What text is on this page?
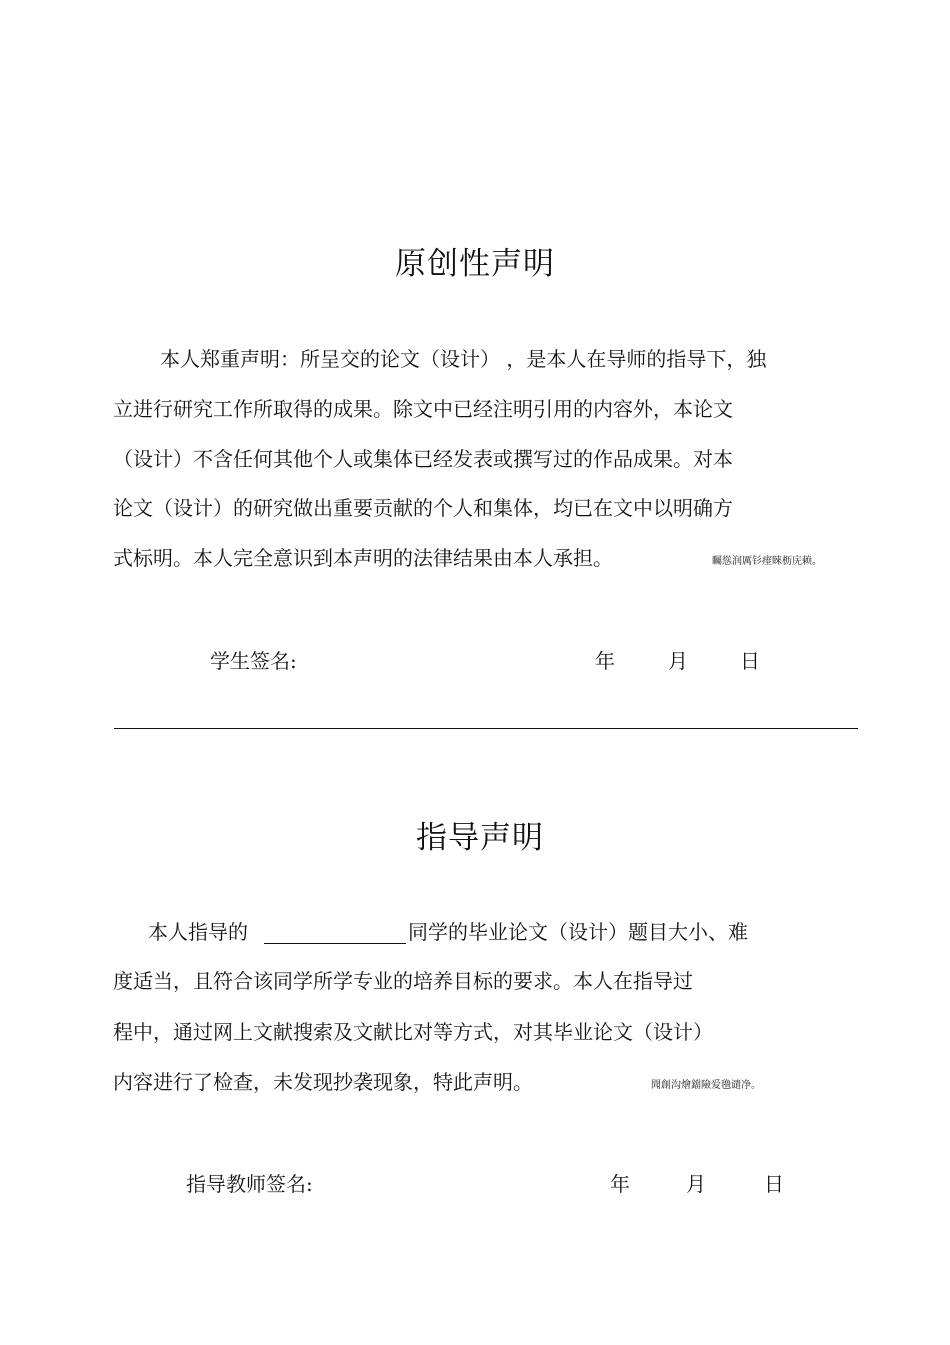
原创性声明
本人郑重声明：所呈交的论文（设计） ，是本人在导师的指导下，独
立进行研究工作所取得的成果。除文中已经注明引用的内容外，本论文
（设计）不含任何其他个人或集体已经发表或撰写过的作品成果。对本
论文（设计）的研究做出重要贡献的个人和集体，均已在文中以明确方
式标明。本人完全意识到本声明的法律结果由本人承担。	矚慫润厲钐瘗睞枥庑赖。
学生签名:	年	月	日
指导声明
本人指导的	同学的毕业论文（设计）题目大小、难
度适当，且符合该同学所学专业的培养目标的要求。本人在指导过
程中，通过网上文献搜索及文献比对等方式，对其毕业论文（设计）
内容进行了检查，未发现抄袭现象，特此声明。	聞創沟燴鐺險爱氇谴净。
指导教师签名:	年	月	日
